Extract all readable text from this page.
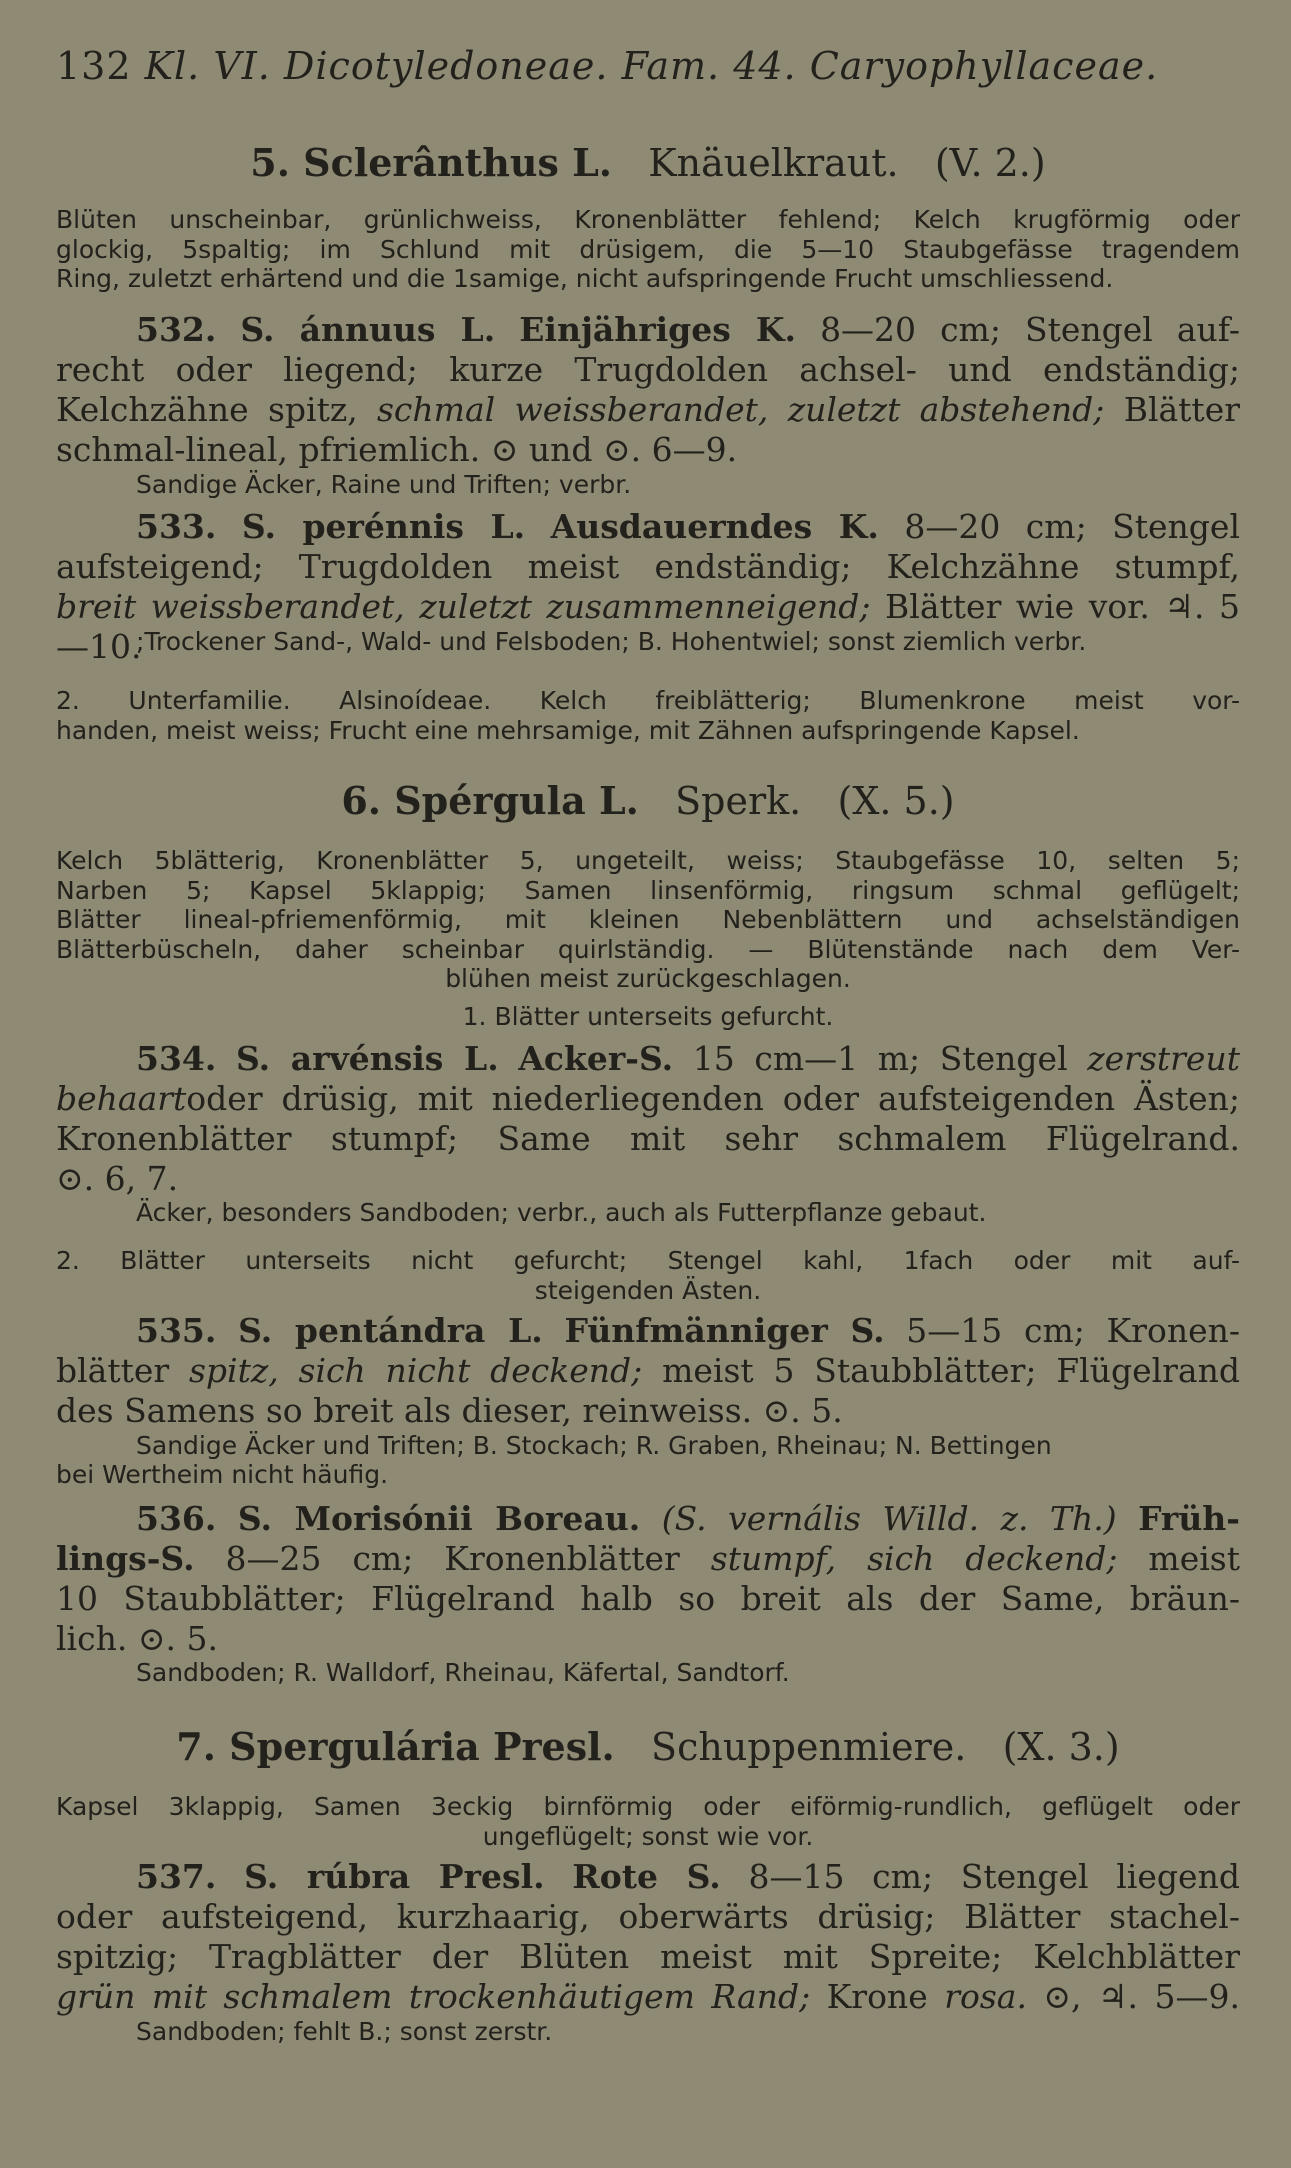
132 Kl. VI. Dicotyledoneae. Fam. 44. Caryophyllaceae.
5. Sclerânthus L. Knäuelkraut. (V. 2.)
Blüten unscheinbar, grünlichweiss, Kronenblätter fehlend; Kelch krugförmig oder
glockig, 5spaltig; im Schlund mit drüsigem, die 5—10 Staubgefässe tragendem
Ring, zuletzt erhärtend und die 1samige, nicht aufspringende Frucht umschliessend.
532. S. ánnuus L. Einjähriges K. 8—20 cm; Stengel auf-
recht oder liegend; kurze Trugdolden achsel- und endständig;
Kelchzähne spitz, schmal weissberandet, zuletzt abstehend; Blätter
schmal-lineal, pfriemlich. ⊙ und ⊙. 6—9.
Sandige Äcker, Raine und Triften; verbr.
533. S. perénnis L. Ausdauerndes K. 8—20 cm; Stengel
aufsteigend; Trugdolden meist endständig; Kelchzähne stumpf,
breit weissberandet, zuletzt zusammenneigend; Blätter wie vor. ♃. 5—10.
;Trockener Sand-, Wald- und Felsboden; B. Hohentwiel; sonst ziemlich verbr.
2. Unterfamilie. Alsinoídeae. Kelch freiblätterig; Blumenkrone meist vor-
handen, meist weiss; Frucht eine mehrsamige, mit Zähnen aufspringende Kapsel.
6. Spérgula L. Sperk. (X. 5.)
Kelch 5blätterig, Kronenblätter 5, ungeteilt, weiss; Staubgefässe 10, selten 5;
Narben 5; Kapsel 5klappig; Samen linsenförmig, ringsum schmal geflügelt;
Blätter lineal-pfriemenförmig, mit kleinen Nebenblättern und achselständigen
Blätterbüscheln, daher scheinbar quirlständig. — Blütenstände nach dem Ver-
blühen meist zurückgeschlagen.
1. Blätter unterseits gefurcht.
534. S. arvénsis L. Acker-S. 15 cm—1 m; Stengel zerstreut
behaartoder drüsig, mit niederliegenden oder aufsteigenden Ästen;
Kronenblätter stumpf; Same mit sehr schmalem Flügelrand.
⊙. 6, 7.
Äcker, besonders Sandboden; verbr., auch als Futterpflanze gebaut.
2. Blätter unterseits nicht gefurcht; Stengel kahl, 1fach oder mit auf-
steigenden Ästen.
535. S. pentándra L. Fünfmänniger S. 5—15 cm; Kronen-
blätter spitz, sich nicht deckend; meist 5 Staubblätter; Flügelrand
des Samens so breit als dieser, reinweiss. ⊙. 5.
Sandige Äcker und Triften; B. Stockach; R. Graben, Rheinau; N. Bettingen
bei Wertheim nicht häufig.
536. S. Morisónii Boreau. (S. vernális Willd. z. Th.) Früh-
lings-S. 8—25 cm; Kronenblätter stumpf, sich deckend; meist
10 Staubblätter; Flügelrand halb so breit als der Same, bräun-
lich. ⊙. 5.
Sandboden; R. Walldorf, Rheinau, Käfertal, Sandtorf.
7. Spergulária Presl. Schuppenmiere. (X. 3.)
Kapsel 3klappig, Samen 3eckig birnförmig oder eiförmig-rundlich, geflügelt oder
ungeflügelt; sonst wie vor.
537. S. rúbra Presl. Rote S. 8—15 cm; Stengel liegend
oder aufsteigend, kurzhaarig, oberwärts drüsig; Blätter stachel-
spitzig; Tragblätter der Blüten meist mit Spreite; Kelchblätter
grün mit schmalem trockenhäutigem Rand; Krone rosa. ⊙, ♃. 5—9.
Sandboden; fehlt B.; sonst zerstr.
